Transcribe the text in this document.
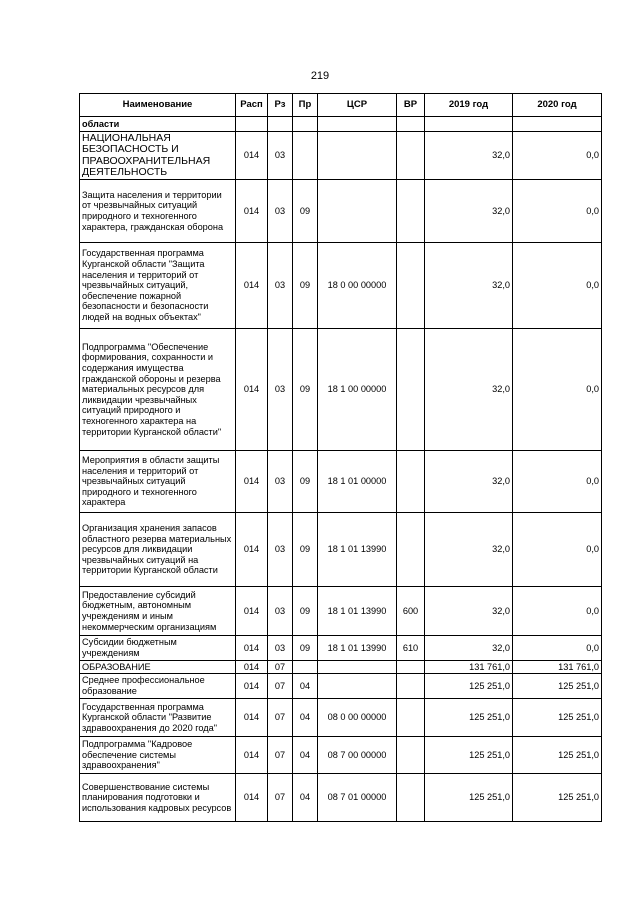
219
Наименование	Расп	Рз	Пр	ЦСР	ВР	2019 год	2020 год
области							
НАЦИОНАЛЬНАЯ БЕЗОПАСНОСТЬ И ПРАВООХРАНИТЕЛЬНАЯ ДЕЯТЕЛЬНОСТЬ	014	03				32,0	0,0
Защита населения и территории от чрезвычайных ситуаций природного и техногенного характера, гражданская оборона	014	03	09			32,0	0,0
Государственная программа Курганской области "Защита населения и территорий от чрезвычайных ситуаций, обеспечение пожарной безопасности и безопасности людей на водных объектах"	014	03	09	18 0 00 00000		32,0	0,0
Подпрограмма "Обеспечение формирования, сохранности и содержания имущества гражданской обороны и резерва материальных ресурсов для ликвидации чрезвычайных ситуаций природного и техногенного характера на территории Курганской области"	014	03	09	18 1 00 00000		32,0	0,0
Мероприятия в области защиты населения и территорий от чрезвычайных ситуаций природного и техногенного характера	014	03	09	18 1 01 00000		32,0	0,0
Организация хранения запасов областного резерва материальных ресурсов для ликвидации чрезвычайных ситуаций на территории Курганской области	014	03	09	18 1 01 13990		32,0	0,0
Предоставление субсидий бюджетным, автономным учреждениям и иным некоммерческим организациям	014	03	09	18 1 01 13990	600	32,0	0,0
Субсидии бюджетным учреждениям	014	03	09	18 1 01 13990	610	32,0	0,0
ОБРАЗОВАНИЕ	014	07				131 761,0	131 761,0
Среднее профессиональное образование	014	07	04			125 251,0	125 251,0
Государственная программа Курганской области "Развитие здравоохранения до 2020 года"	014	07	04	08 0 00 00000		125 251,0	125 251,0
Подпрограмма "Кадровое обеспечение системы здравоохранения"	014	07	04	08 7 00 00000		125 251,0	125 251,0
Совершенствование системы планирования подготовки и использования кадровых ресурсов	014	07	04	08 7 01 00000		125 251,0	125 251,0
